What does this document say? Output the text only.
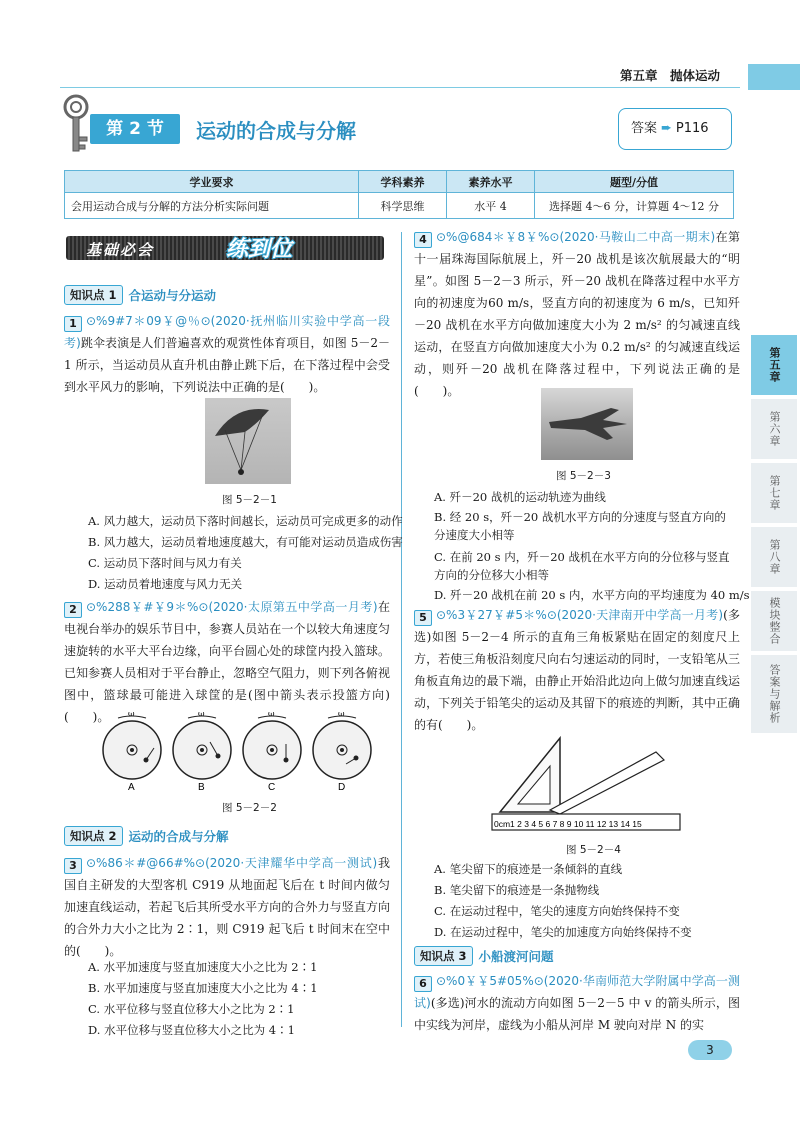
第五章　抛体运动
第 2 节	运动的合成与分解	答案 ➨ P116
学业要求	学科素养	素养水平	题型/分值
会用运动合成与分解的方法分析实际问题	科学思维	水平 4	选择题 4～6 分，计算题 4～12 分
基础必会	练到位
知识点 1 合运动与分运动
1 ⊙%9#7＊09￥@％⊙(2020·抚州临川实验中学高一段考)跳伞表演是人们普遍喜欢的观赏性体育项目，如图 5－2－1 所示，当运动员从直升机由静止跳下后，在下落过程中会受到水平风力的影响，下列说法中正确的是(　　)。
图 5－2－1
A. 风力越大，运动员下落时间越长，运动员可完成更多的动作
B. 风力越大，运动员着地速度越大，有可能对运动员造成伤害
C. 运动员下落时间与风力有关
D. 运动员着地速度与风力无关
2 ⊙%288￥#￥9＊%⊙(2020·太原第五中学高一月考)在电视台举办的娱乐节目中，参赛人员站在一个以较大角速度匀速旋转的水平大平台边缘，向平台圆心处的球筐内投入篮球。已知参赛人员相对于平台静止，忽略空气阻力，则下列各俯视图中，篮球最可能进入球筐的是(图中箭头表示投篮方向)(　　)。	ω
A
ω
B
ω
C
ω
D
图 5－2－2
知识点 2 运动的合成与分解
3 ⊙%86＊#@66#%⊙(2020·天津耀华中学高一测试)我国自主研发的大型客机 C919 从地面起飞后在 t 时间内做匀加速直线运动，若起飞后其所受水平方向的合外力与竖直方向的合外力大小之比为 2∶1，则 C919 起飞后 t 时间末在空中的(　　)。
A. 水平加速度与竖直加速度大小之比为 2∶1
B. 水平加速度与竖直加速度大小之比为 4∶1
C. 水平位移与竖直位移大小之比为 2∶1
D. 水平位移与竖直位移大小之比为 4∶1
4 ⊙%@684＊￥8￥%⊙(2020·马鞍山二中高一期末)在第十一届珠海国际航展上，歼－20 战机是该次航展最大的“明星”。如图 5－2－3 所示，歼－20 战机在降落过程中水平方向的初速度为60 m/s，竖直方向的初速度为 6 m/s，已知歼－20 战机在水平方向做加速度大小为 2 m/s² 的匀减速直线运动，在竖直方向做加速度大小为 0.2 m/s² 的匀减速直线运动，则歼－20 战机在降落过程中，下列说法正确的是(　　)。
图 5－2－3
A. 歼－20 战机的运动轨迹为曲线
B. 经 20 s，歼－20 战机水平方向的分速度与竖直方向的分速度大小相等
C. 在前 20 s 内，歼－20 战机在水平方向的分位移与竖直方向的分位移大小相等
D. 歼－20 战机在前 20 s 内，水平方向的平均速度为 40 m/s
5 ⊙%3￥27￥#5＊%⊙(2020·天津南开中学高一月考)(多选)如图 5－2－4 所示的直角三角板紧贴在固定的刻度尺上方，若使三角板沿刻度尺向右匀速运动的同时，一支铅笔从三角板直角边的最下端，由静止开始沿此边向上做匀加速直线运动，下列关于铅笔尖的运动及其留下的痕迹的判断，其中正确的有(　　)。
0cm1 2 3 4 5 6 7 8 9 10 11 12 13 14 15
图 5－2－4
A. 笔尖留下的痕迹是一条倾斜的直线
B. 笔尖留下的痕迹是一条抛物线
C. 在运动过程中，笔尖的速度方向始终保持不变
D. 在运动过程中，笔尖的加速度方向始终保持不变
知识点 3 小船渡河问题
6 ⊙%0￥￥5#05%⊙(2020·华南师范大学附属中学高一测试)(多选)河水的流动方向如图 5－2－5 中 v 的箭头所示，图中实线为河岸，虚线为小船从河岸 M 驶向对岸 N 的实
第五章
第六章
第七章
第八章
模块整合
答案与解析
3
